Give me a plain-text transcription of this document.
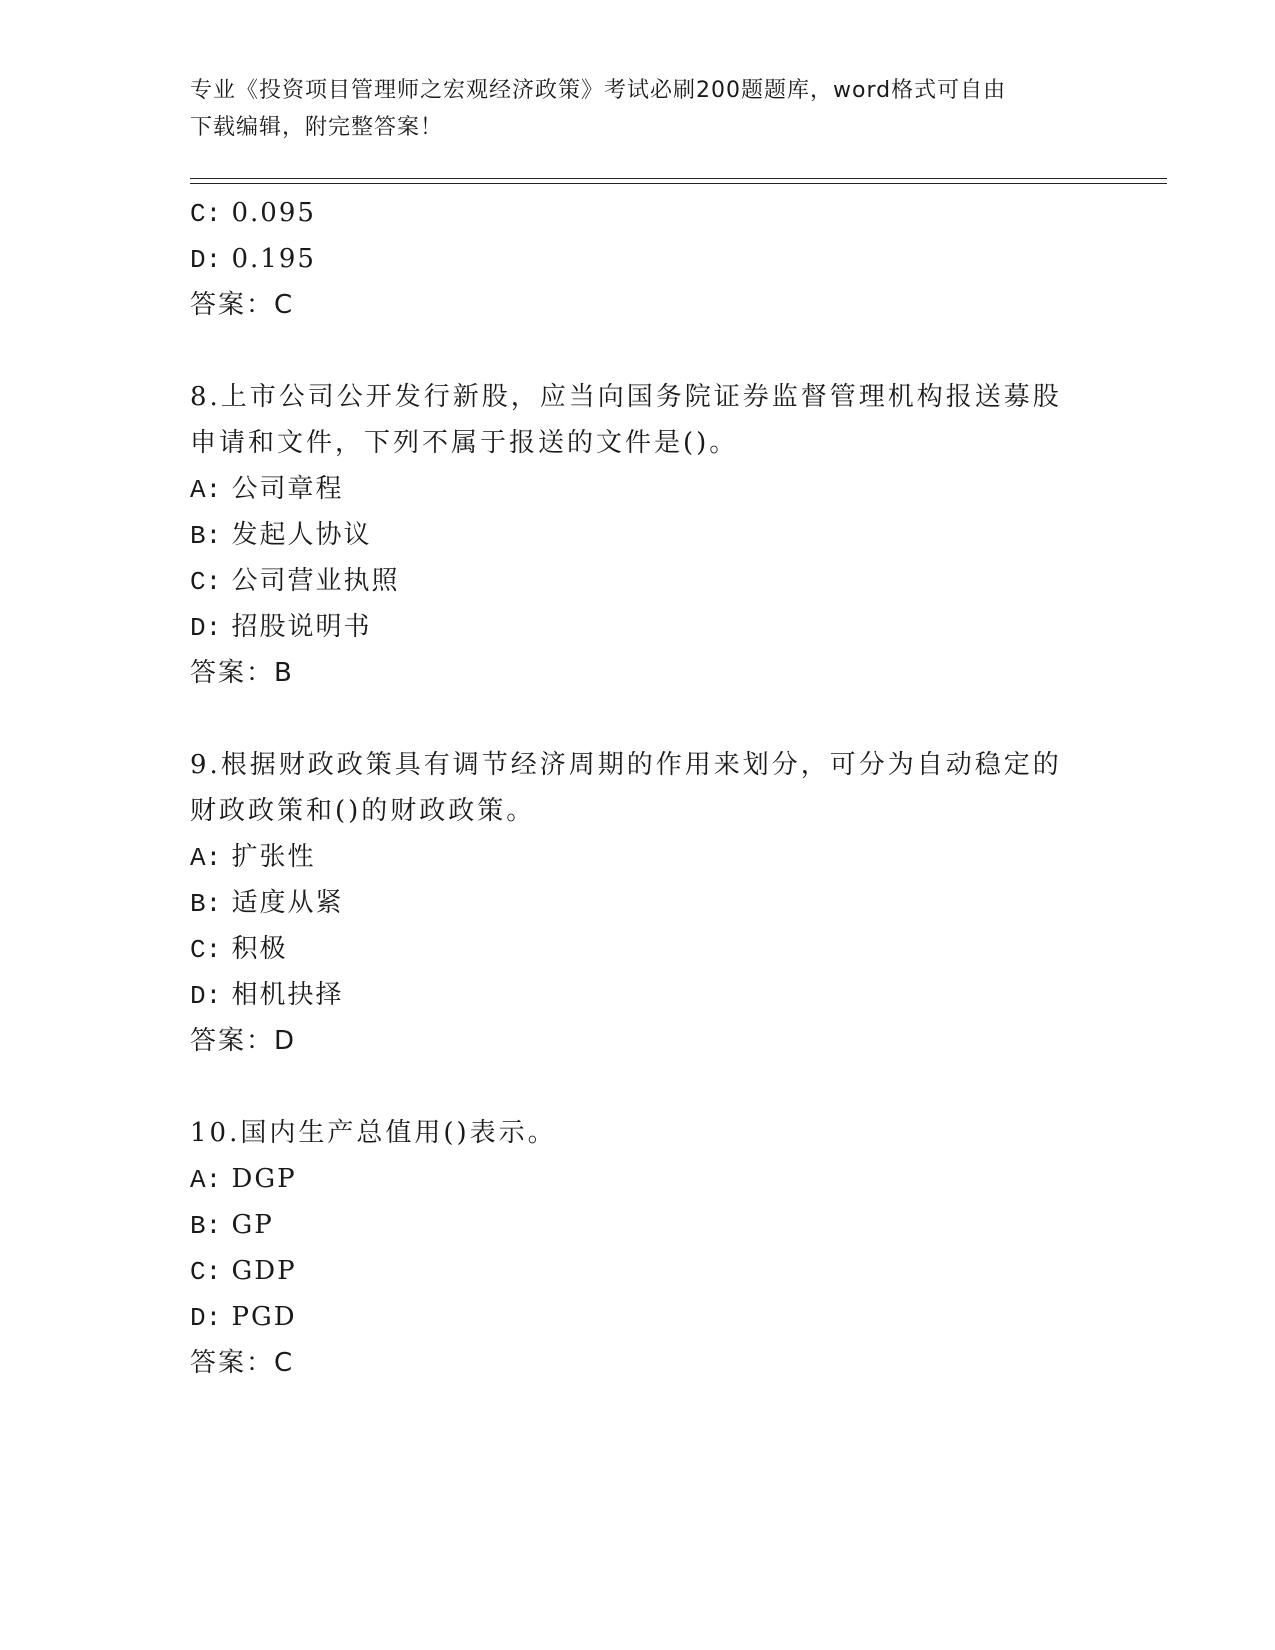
专业《投资项目管理师之宏观经济政策》考试必刷200题题库，word格式可自由
下载编辑，附完整答案！
C: 0.095
D: 0.195
答案：C
8.上市公司公开发行新股，应当向国务院证券监督管理机构报送募股
申请和文件，下列不属于报送的文件是()。
A: 公司章程
B: 发起人协议
C: 公司营业执照
D: 招股说明书
答案：B
9.根据财政政策具有调节经济周期的作用来划分，可分为自动稳定的
财政政策和()的财政政策。
A: 扩张性
B: 适度从紧
C: 积极
D: 相机抉择
答案：D
10.国内生产总值用()表示。
A: DGP
B: GP
C: GDP
D: PGD
答案：C
